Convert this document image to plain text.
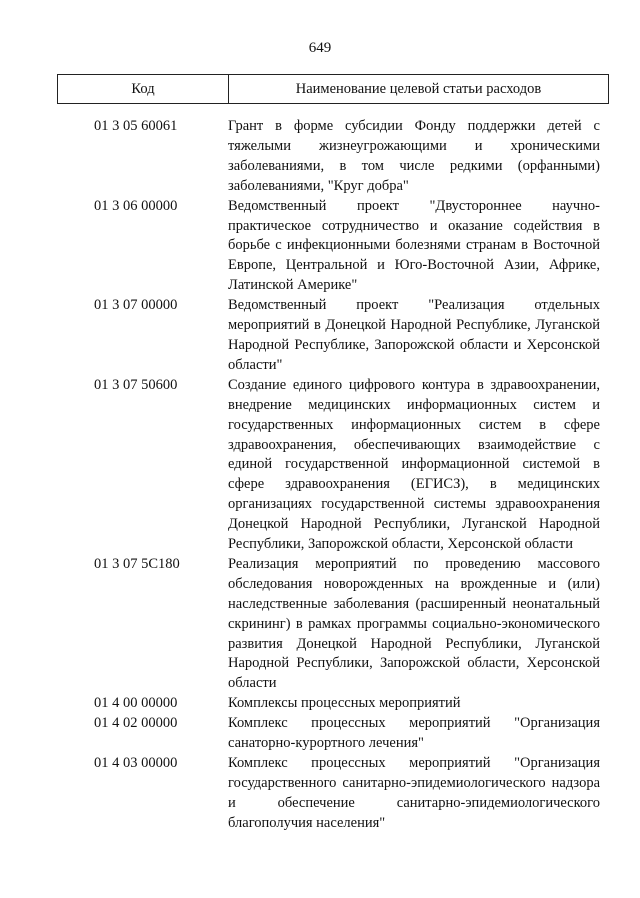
649
Код	Наименование целевой статьи расходов
01 3 05 60061	Грант в форме субсидии Фонду поддержки детей с тяжелыми жизнеугрожающими и хроническими заболеваниями, в том числе редкими (орфанными) заболеваниями, "Круг добра"
01 3 06 00000	Ведомственный проект "Двустороннее научно-практическое сотрудничество и оказание содействия в борьбе с инфекционными болезнями странам в Восточной Европе, Центральной и Юго-Восточной Азии, Африке, Латинской Америке"
01 3 07 00000	Ведомственный проект "Реализация отдельных мероприятий в Донецкой Народной Республике, Луганской Народной Республике, Запорожской области и Херсонской области"
01 3 07 50600	Создание единого цифрового контура в здравоохранении, внедрение медицинских информационных систем и государственных информационных систем в сфере здравоохранения, обеспечивающих взаимодействие с единой государственной информационной системой в сфере здравоохранения (ЕГИСЗ), в медицинских организациях государственной системы здравоохранения Донецкой Народной Республики, Луганской Народной Республики, Запорожской области, Херсонской области
01 3 07 5С180	Реализация мероприятий по проведению массового обследования новорожденных на врожденные и (или) наследственные заболевания (расширенный неонатальный скрининг) в рамках программы социально-экономического развития Донецкой Народной Республики, Луганской Народной Республики, Запорожской области, Херсонской области
01 4 00 00000	Комплексы процессных мероприятий
01 4 02 00000	Комплекс процессных мероприятий "Организация санаторно-курортного лечения"
01 4 03 00000	Комплекс процессных мероприятий "Организация государственного санитарно-эпидемиологического надзора и обеспечение санитарно-эпидемиологического благополучия населения"
